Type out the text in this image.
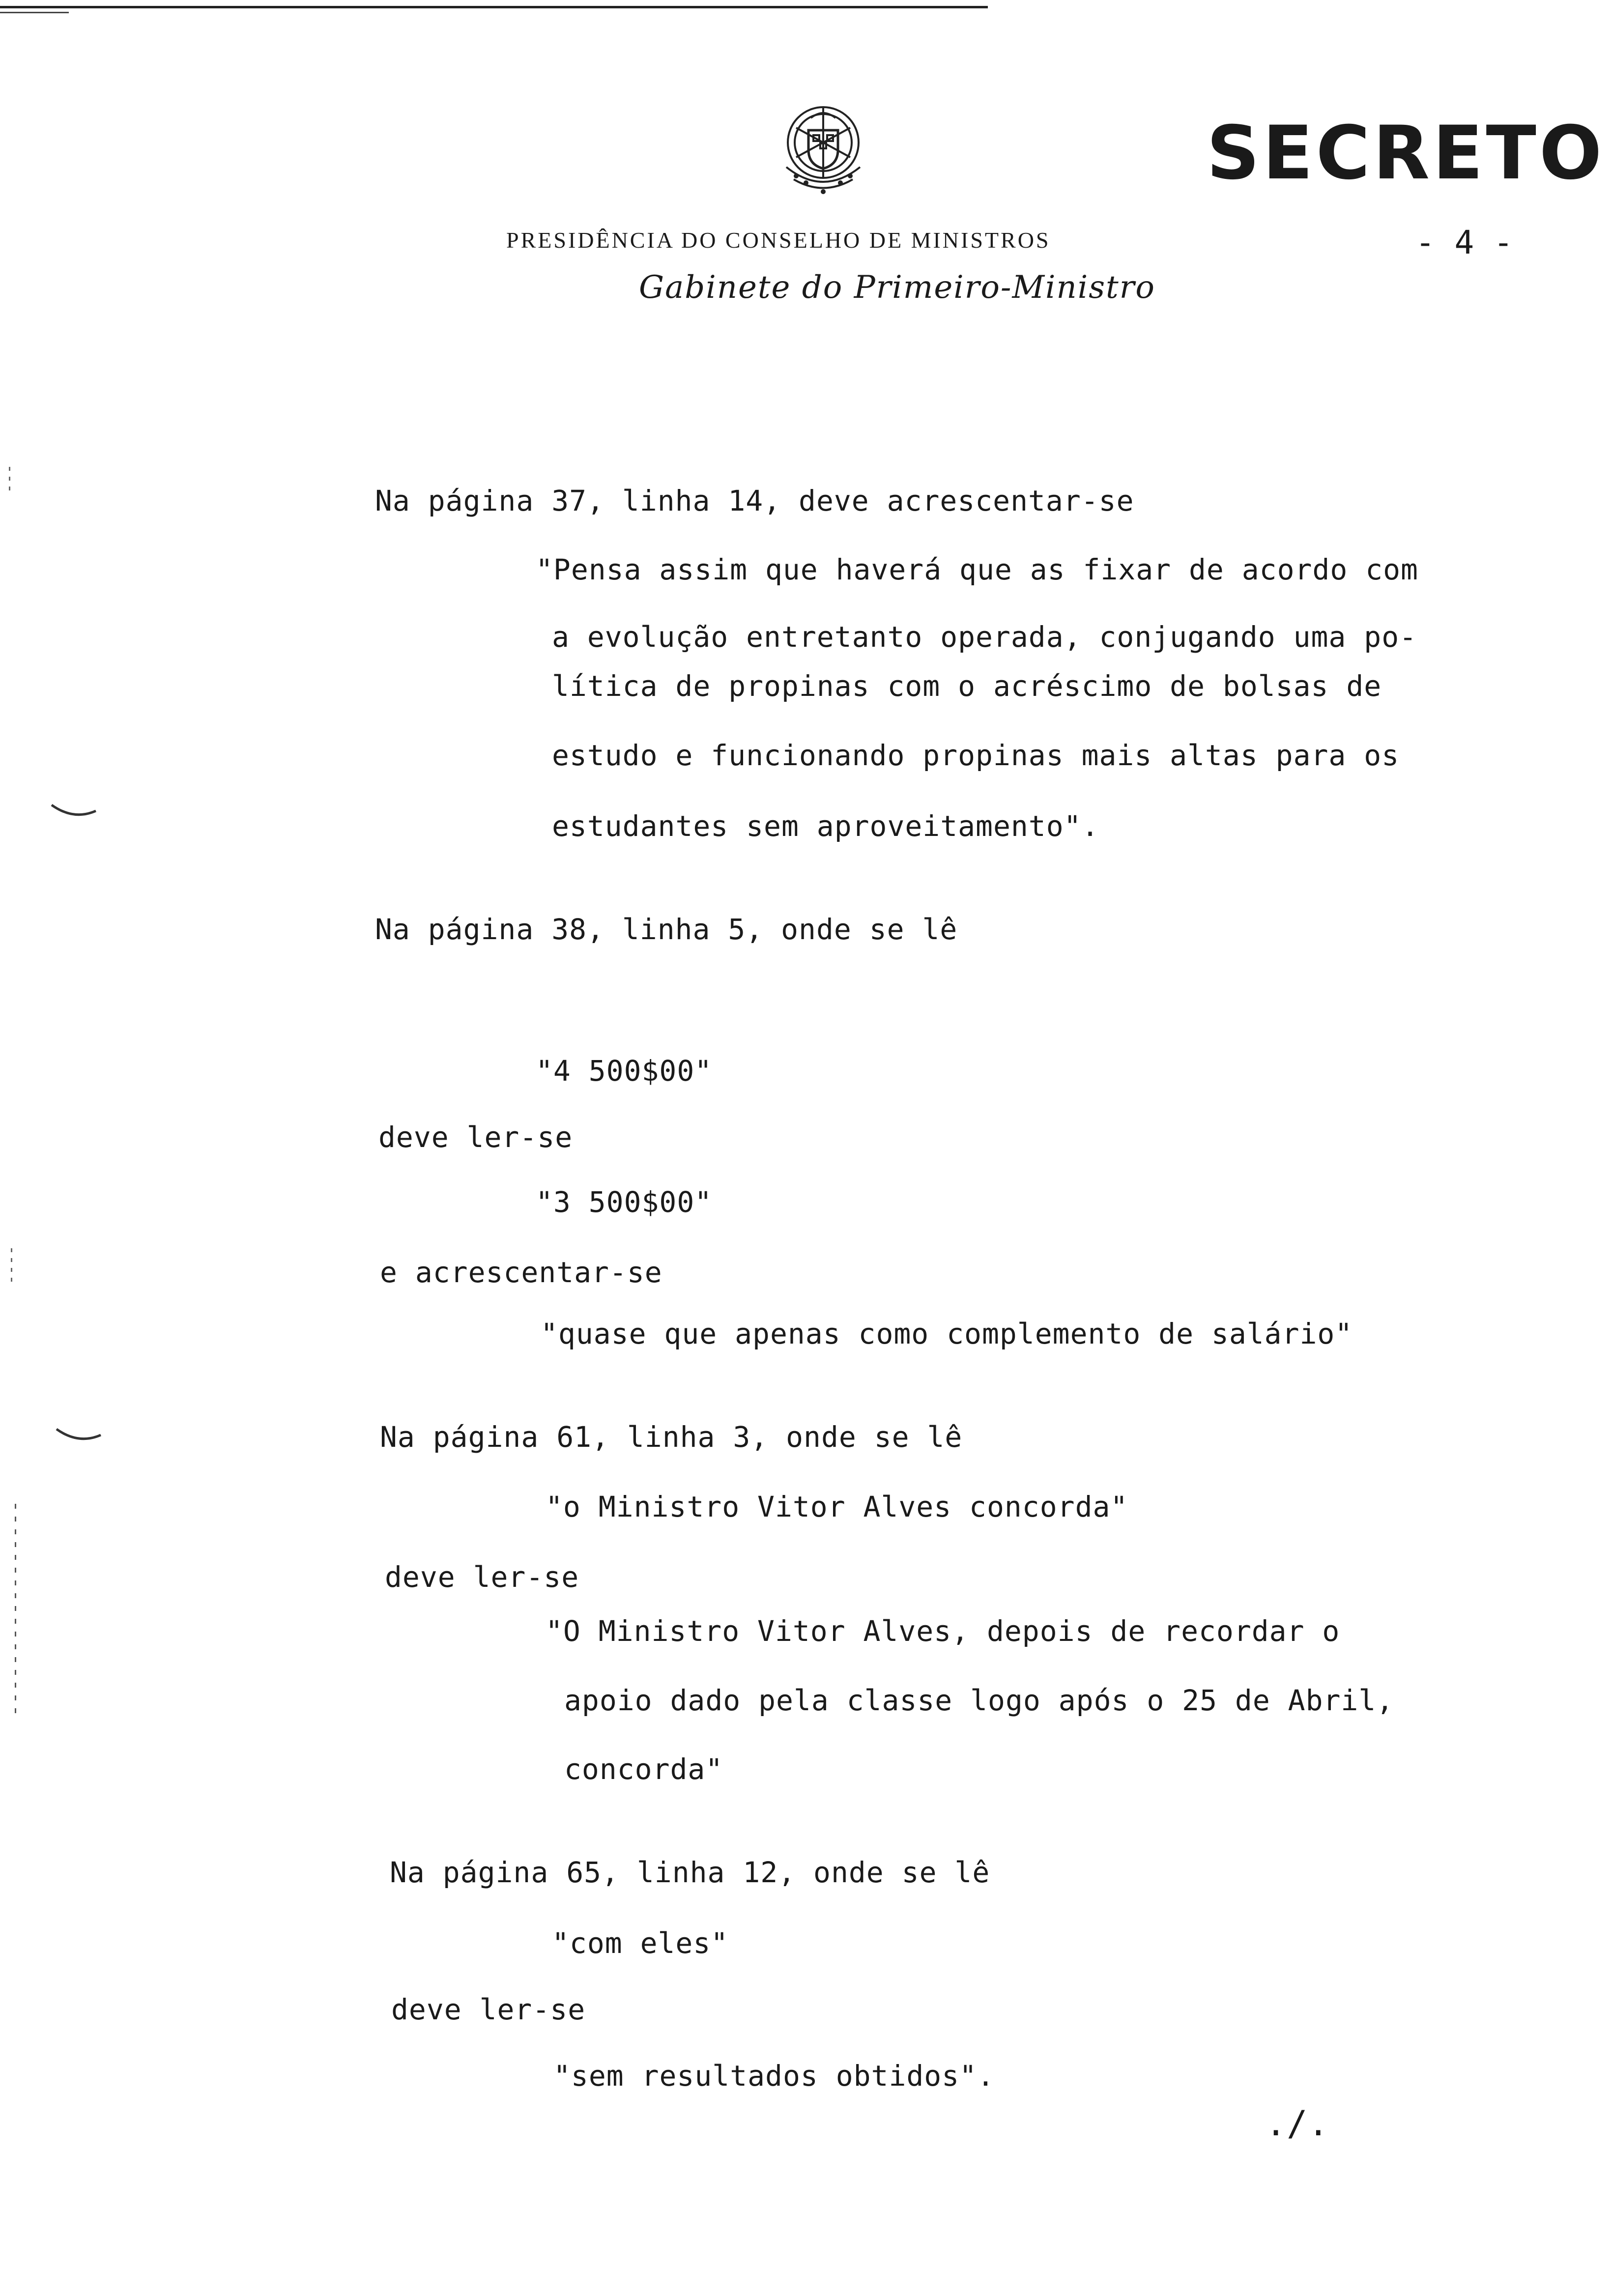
PRESIDÊNCIA DO CONSELHO DE MINISTROS
Gabinete do Primeiro-Ministro
SECRETO
- 4 -
Na página 37, linha 14, deve acrescentar-se
"Pensa assim que haverá que as fixar de acordo com
a evolução entretanto operada, conjugando uma po-
lítica de propinas com o acréscimo de bolsas de
estudo e funcionando propinas mais altas para os
estudantes sem aproveitamento".
Na página 38, linha 5, onde se lê
"4 500$00"
deve ler-se
"3 500$00"
e acrescentar-se
"quase que apenas como complemento de salário"
Na página 61, linha 3, onde se lê
"o Ministro Vitor Alves concorda"
deve ler-se
"O Ministro Vitor Alves, depois de recordar o
apoio dado pela classe logo após o 25 de Abril,
concorda"
Na página 65, linha 12, onde se lê
"com eles"
deve ler-se
"sem resultados obtidos".
./.
